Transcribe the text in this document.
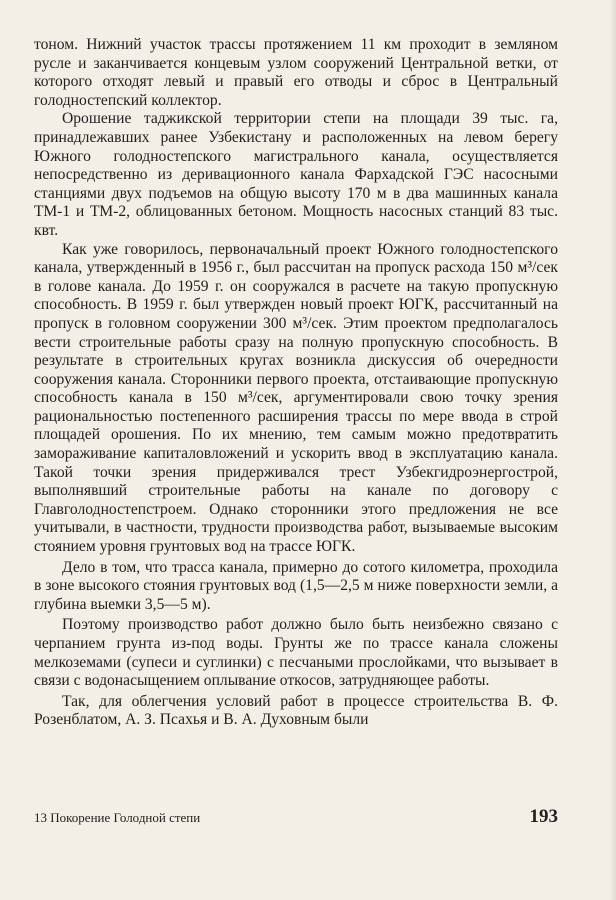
тоном. Нижний участок трассы протяжением 11 км проходит в земляном русле и заканчивается концевым узлом сооружений Центральной ветки, от которого отходят левый и правый его отводы и сброс в Центральный голодностепский коллектор.

Орошение таджикской территории степи на площади 39 тыс. га, принадлежавших ранее Узбекистану и расположенных на левом берегу Южного голодностепского магистрального канала, осуществляется непосредственно из деривационного канала Фархадской ГЭС насосными станциями двух подъемов на общую высоту 170 м в два машинных канала ТМ-1 и ТМ-2, облицованных бетоном. Мощность насосных станций 83 тыс. квт.

Как уже говорилось, первоначальный проект Южного голодностепского канала, утвержденный в 1956 г., был рассчитан на пропуск расхода 150 м³/сек в голове канала. До 1959 г. он сооружался в расчете на такую пропускную способность. В 1959 г. был утвержден новый проект ЮГК, рассчитанный на пропуск в головном сооружении 300 м³/сек. Этим проектом предполагалось вести строительные работы сразу на полную пропускную способность. В результате в строительных кругах возникла дискуссия об очередности сооружения канала. Сторонники первого проекта, отстаивающие пропускную способность канала в 150 м³/сек, аргументировали свою точку зрения рациональностью постепенного расширения трассы по мере ввода в строй площадей орошения. По их мнению, тем самым можно предотвратить замораживание капиталовложений и ускорить ввод в эксплуатацию канала. Такой точки зрения придерживался трест Узбекгидроэнергострой, выполнявший строительные работы на канале по договору с Главголодностепстроем. Однако сторонники этого предложения не все учитывали, в частности, трудности производства работ, вызываемые высоким стоянием уровня грунтовых вод на трассе ЮГК.

Дело в том, что трасса канала, примерно до сотого километра, проходила в зоне высокого стояния грунтовых вод (1,5—2,5 м ниже поверхности земли, а глубина выемки 3,5—5 м).

Поэтому производство работ должно было быть неизбежно связано с черпанием грунта из-под воды. Грунты же по трассе канала сложены мелкоземами (супеси и суглинки) с песчаными прослойками, что вызывает в связи с водонасыщением оплывание откосов, затрудняющее работы.

Так, для облегчения условий работ в процессе строительства В. Ф. Розенблатом, А. З. Псахья и В. А. Духовным были

13 Покорение Голодной степи	193
